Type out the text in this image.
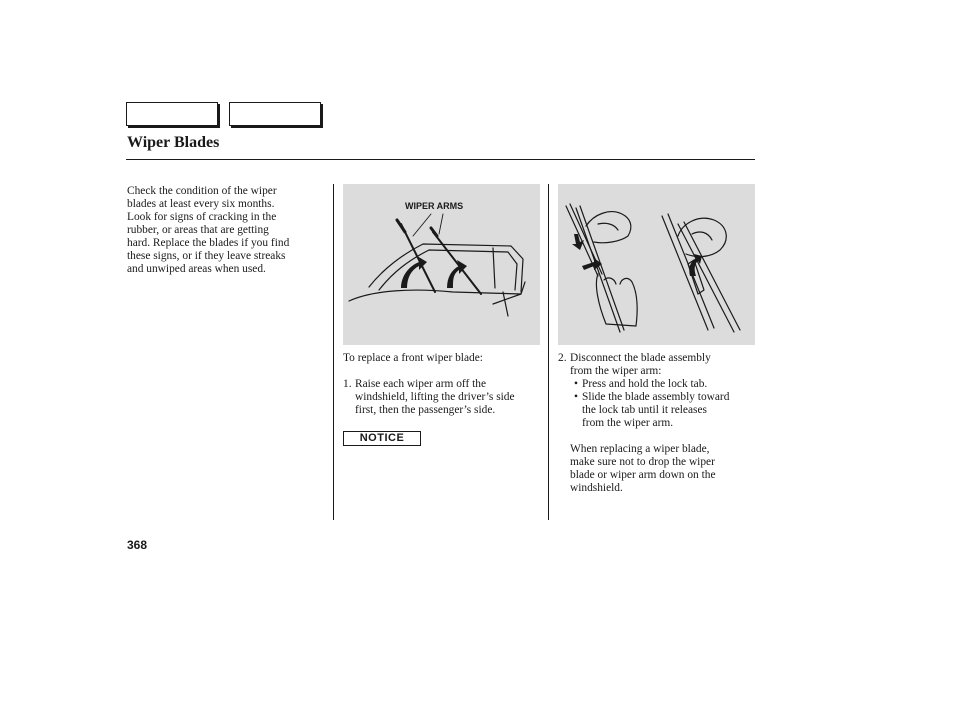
Wiper Blades
Check the condition of the wiper
blades at least every six months.
Look for signs of cracking in the
rubber, or areas that are getting
hard. Replace the blades if you find
these signs, or if they leave streaks
and unwiped areas when used.
WIPER ARMS
To replace a front wiper blade:
1. Raise each wiper arm off the
windshield, lifting the driver’s side
first, then the passenger’s side.
NOTICE
2. Disconnect the blade assembly
from the wiper arm:
• Press and hold the lock tab.
• Slide the blade assembly toward
the lock tab until it releases
from the wiper arm.
When replacing a wiper blade,
make sure not to drop the wiper
blade or wiper arm down on the
windshield.
368
